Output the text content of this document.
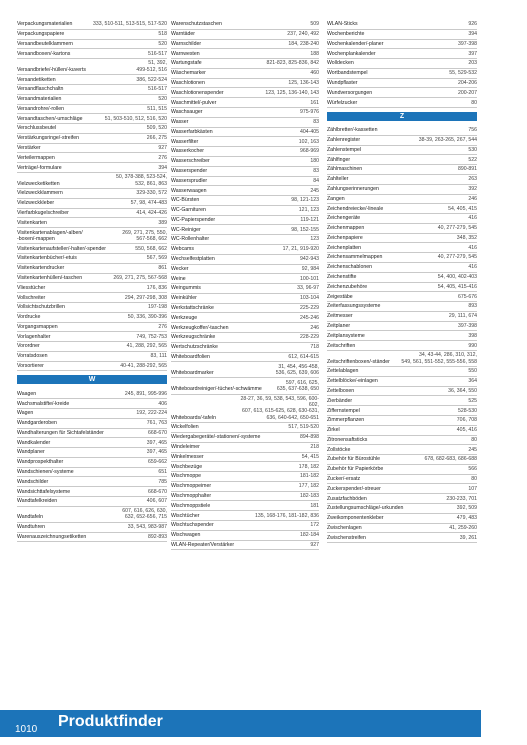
Verpackungsmaterialien	333, 510-511, 513-515, 517-520
Verpackungspapiere	518
Versandbeutelklammern	520
Versandboxen/-kartons	516-517
Versandbriefe/-hüllen/-kuverts
51, 392,
499-512, 516
Versandetiketten	386, 522-524
Versandflaschchaltn	516-517
Versandmaterialien	520
Versandrohre/-rollen	511, 515
Versandtaschen/-umschläge	51, 503-510, 512, 516, 520
Verschlussbeutel	509, 520
Verstärkungsringe/-streifen	266, 275
Verstärker	927
Verteilermappen	276
Verträge/-formulare	394
Vielzwecketiketten
50, 378-388, 523-524,
532, 861, 863
Vielzweckklammern	329-330, 572
Vielzweckkleber	57, 98, 474-483
Vierfarbkugelschreiber	414, 424-426
Visitenkarten	389
Visitenkartenablagen/-alben/
-boxen/-mappen
269, 271, 275, 550,
567-568, 662
Visitenkartenaufsteller/-halter/-spender	550, 568, 662
Visitenkartenbücher/-etuis	567, 569
Visitenkartendrucker	861
Visitenkartenhüllen/-taschen	269, 271, 275, 567-568
Vliesstücher	176, 836
Vollschreiter	294, 297-298, 308
Vollsichtschutzbrillen	197-198
Vordrucke	50, 336, 390-396
Vorgangsmappen	276
Vorlagenhalter	749, 752-753
Vorordner	41, 288, 292, 565
Vorratsdosen	83, 111
Vorsortierer	40-41, 288-292, 565
W
Waagen	245, 891, 995-996
Wachsmalstifte/-kreide	406
Wagen	192, 222-224
Wandgarderoben	761, 763
Wandhalterungen für Sichtafelständer	668-670
Wandkalender	397, 465
Wandplaner	397, 465
Wandprospekthalter	659-662
Wandschienen/-systeme	651
Wandschilder	785
Wandsichttafelsysteme	668-670
Wandtafelkreiden	406, 607
Wandtafeln
607, 616, 626, 630,
632, 652-656, 715
Wandtuhren	33, 543, 983-987
Warenauszeichnungsetiketten	892-893
Warenschutzstaschen	509
Warntäder	237, 240, 492
Warnschilder	184, 238-240
Warnwesten	188
Wartungstafe	821-823, 825-836, 842
Wäschemarker	460
Waschlotionen	125, 136-143
Waschlotionenspender	123, 125, 136-140, 143
Waschmittel/-pulver	161
Waschsauger	975-976
Wasser	83
Wasserfarbkästen	404-405
Wasserfilter	102, 163
Wasserkocher	968-969
Wasserschreiber	180
Wasserspender	83
Wassersprudler	84
Wasserwaagen	245
WC-Bürsten	98, 121-123
WC-Garnituren	121, 123
WC-Papierspender	119-121
WC-Reiniger	98, 152-155
WC-Rollenhalter	123
Webcams	17, 21, 919-920
Wechselfestplatten	942-943
Wecker	92, 984
Weine	100-101
Weingummis	33, 96-97
Weinkühler	103-104
Werkstattschränke	225-229
Werkzeuge	245-246
Werkzeugkoffer/-taschen	246
Werkzeugschränke	228-229
Wertschutzschränke	718
Whiteboardfolien	612, 614-615
Whiteboardmarker
31, 454, 456-458,
536, 625, 639, 606
Whiteboardreiniger/-tücher/-schwämme
597, 616, 625,
635, 637-638, 650
Whiteboards/-tafeln
28-27, 36, 59, 538, 543, 596, 600-602,
607, 613, 615-625, 628, 630-631,
636, 640-642, 650-651
Wickelfolien	517, 519-520
Wiedergabegeräte/-stationen/-systeme	894-898
Windeleimer	218
Winkelmesser	54, 415
Wischbezüge	178, 182
Wischmoppe	181-182
Wischmoppeimer	177, 182
Wischmopphalter	182-183
Wischmoppstiele	181
Wischtücher	135, 168-176, 181-182, 836
Wischtuchspender	172
Wischwagen	182-184
WLAN-Repeater/Verstärker	927
WLAN-Sticks	926
Wochenberichte	394
Wochenkalender/-planer	397-398
Wochenplankalender	397
Wolldecken	203
Wortbandstempel	55, 529-532
Wundpflaster	204-206
Wundversorgungen	200-207
Würfelzucker	80
Z
Zählbretter/-kassetten	756
Zahlenregister	38-39, 263-265, 267, 544
Zahlenstempel	530
Zählfinger	522
Zählmaschinen	890-891
Zahlteller	263
Zahlungserinnerungen	392
Zangen	246
Zeichendreiecke/-lineale	54, 405, 415
Zeichengeräte	416
Zeichenmappen	40, 277-279, 545
Zeichenpapiere	348, 352
Zeichenplatten	416
Zeichensammelmappen	40, 277-279, 545
Zeichenschablonen	416
Zeichenstifte	54, 400, 402-403
Zeichenzubehöre	54, 405, 415-416
Zeigestäbe	675-676
Zeiterfassungssysteme	893
Zeitmesser	29, 111, 674
Zeitplaner	397-398
Zeitplansysteme	398
Zeitschriften	990
Zeitschriftenboxen/-ständer
34, 43-44, 286, 310, 312,
549, 561, 551-552, 555-556, 558
Zettelablagen	550
Zettelblöcke/-einlagen	364
Zettelboxen	36, 364, 550
Zierbänder	525
Ziffernstempel	528-530
Zimmerpflanzen	706, 708
Zirkel	405, 416
Zitronensaftsticks	80
Zollstöcke	245
Zubehör für Bürostühle	678, 682-683, 686-688
Zubehör für Papierkörbe	566
Zucker/-ersatz	80
Zuckerspender/-streuer	107
Zusatzfachböden	230-233, 701
Zustellungsumschläge/-urkunden	392, 509
Zweikomponentenkleber	479, 483
Zwischenlagen	41, 259-260
Zwischenstreifen	39, 261
1010 Produktfinder
